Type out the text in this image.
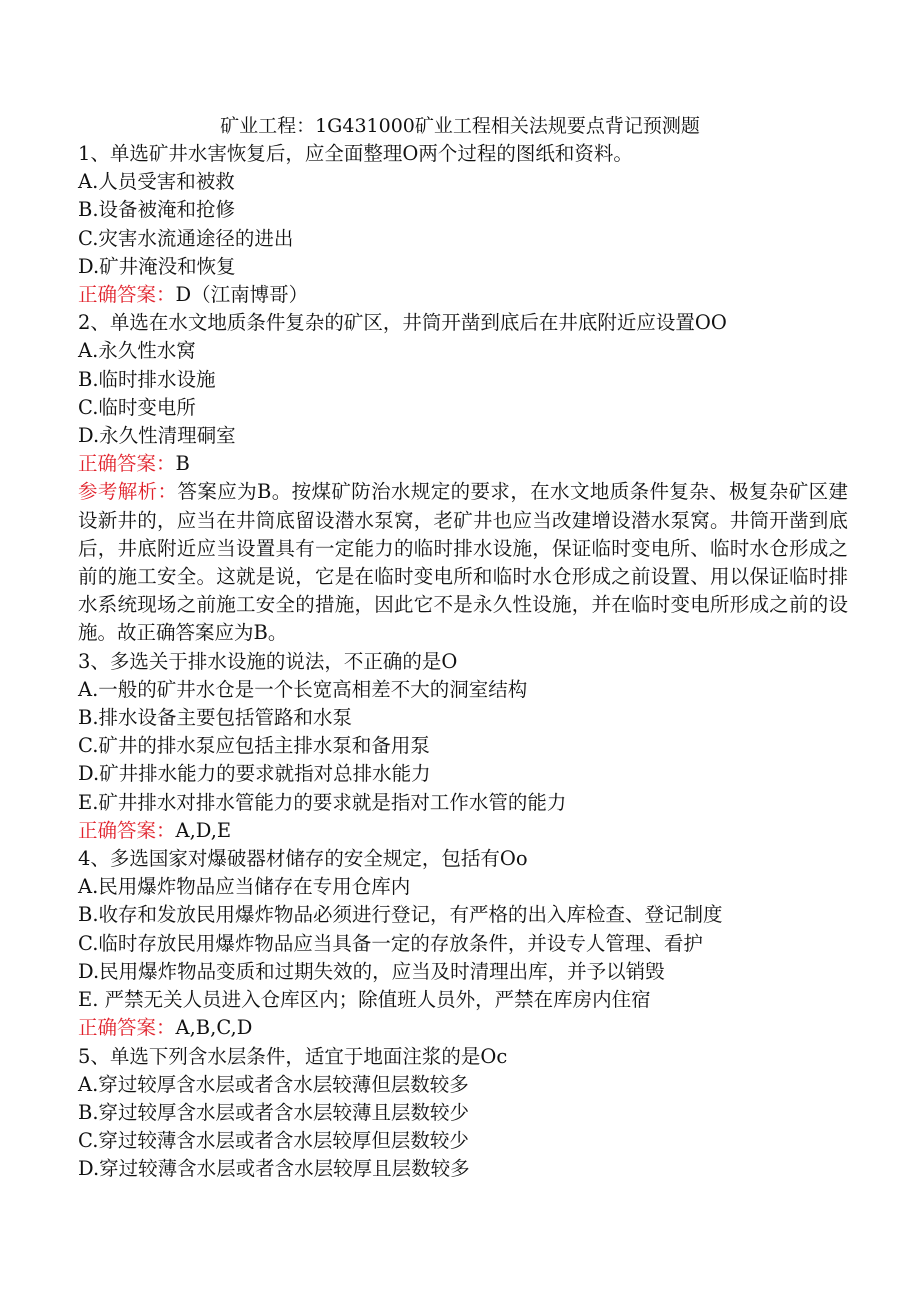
矿业工程：1G431000矿业工程相关法规要点背记预测题
1、单选矿井水害恢复后，应全面整理O两个过程的图纸和资料。
A.人员受害和被救
B.设备被淹和抢修
C.灾害水流通途径的进出
D.矿井淹没和恢复
正确答案：D（江南博哥）
2、单选在水文地质条件复杂的矿区，井筒开凿到底后在井底附近应设置OO
A.永久性水窝
B.临时排水设施
C.临时变电所
D.永久性清理硐室
正确答案：B
参考解析：答案应为B。按煤矿防治水规定的要求，在水文地质条件复杂、极复杂矿区建设新井的，应当在井筒底留设潜水泵窝，老矿井也应当改建增设潜水泵窝。井筒开凿到底后，井底附近应当设置具有一定能力的临时排水设施，保证临时变电所、临时水仓形成之前的施工安全。这就是说，它是在临时变电所和临时水仓形成之前设置、用以保证临时排水系统现场之前施工安全的措施，因此它不是永久性设施，并在临时变电所形成之前的设施。故正确答案应为B。
3、多选关于排水设施的说法，不正确的是O
A.一般的矿井水仓是一个长宽高相差不大的洞室结构
B.排水设备主要包括管路和水泵
C.矿井的排水泵应包括主排水泵和备用泵
D.矿井排水能力的要求就指对总排水能力
E.矿井排水对排水管能力的要求就是指对工作水管的能力
正确答案：A,D,E
4、多选国家对爆破器材储存的安全规定，包括有Oo
A.民用爆炸物品应当储存在专用仓库内
B.收存和发放民用爆炸物品必须进行登记，有严格的出入库检查、登记制度
C.临时存放民用爆炸物品应当具备一定的存放条件，并设专人管理、看护
D.民用爆炸物品变质和过期失效的，应当及时清理出库，并予以销毁
E. 严禁无关人员进入仓库区内；除值班人员外，严禁在库房内住宿
正确答案：A,B,C,D
5、单选下列含水层条件，适宜于地面注浆的是Oc
A.穿过较厚含水层或者含水层较薄但层数较多
B.穿过较厚含水层或者含水层较薄且层数较少
C.穿过较薄含水层或者含水层较厚但层数较少
D.穿过较薄含水层或者含水层较厚且层数较多
